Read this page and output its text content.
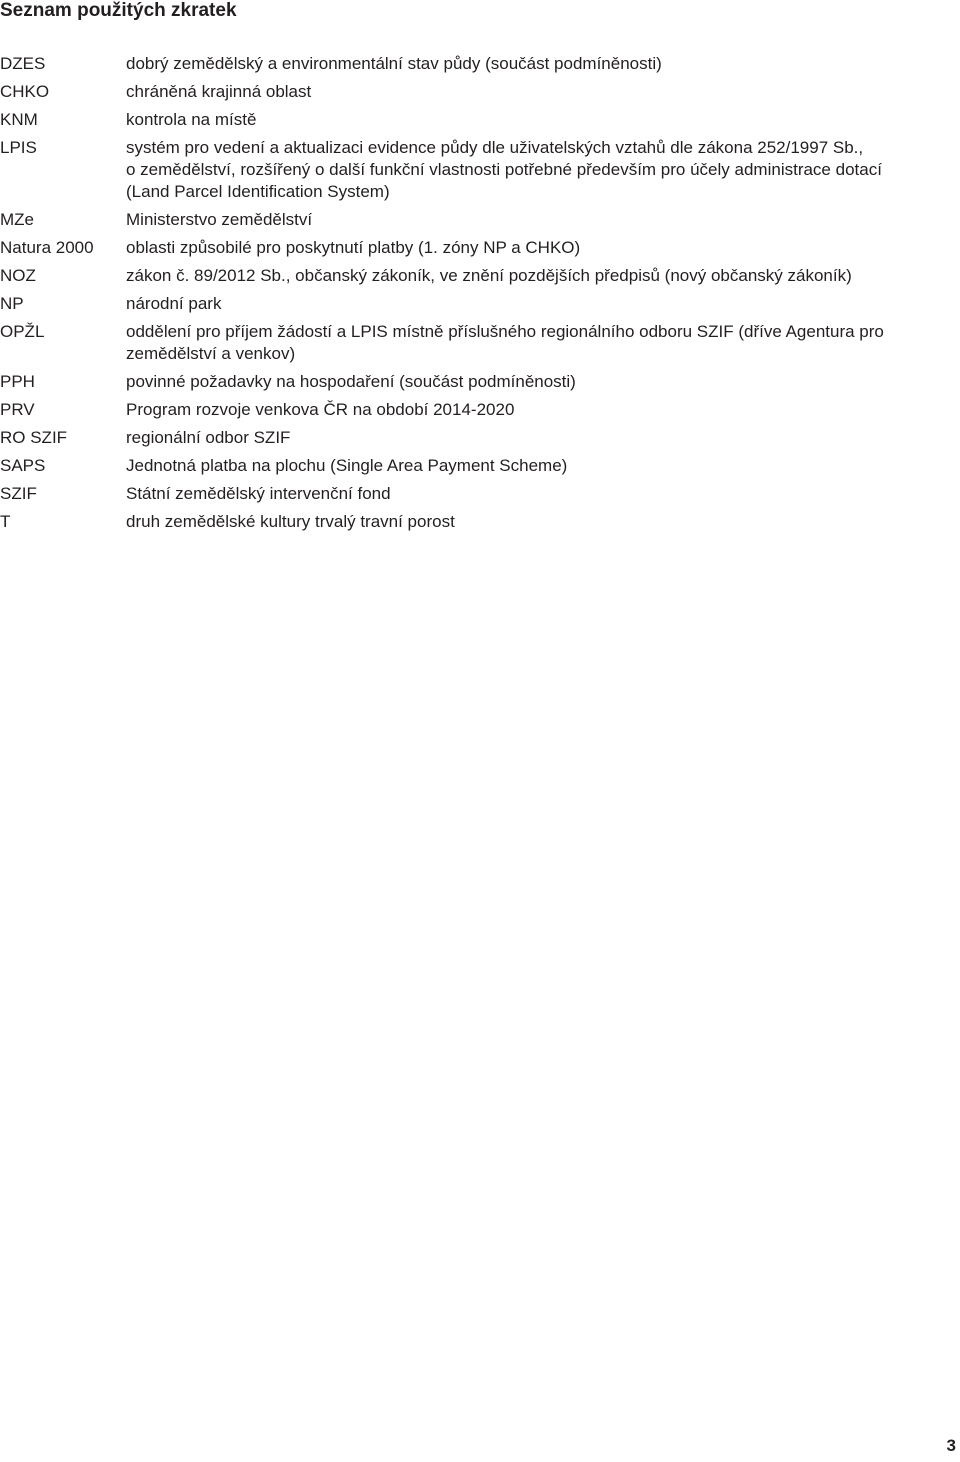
Seznam použitých zkratek
DZES	dobrý zemědělský a environmentální stav půdy (součást podmíněnosti)
CHKO	chráněná krajinná oblast
KNM	kontrola na místě
LPIS	systém pro vedení a aktualizaci evidence půdy dle uživatelských vztahů dle zákona 252/1997 Sb.,
o zemědělství, rozšířený o další funkční vlastnosti potřebné především pro účely administrace dotací
(Land Parcel Identification System)
MZe	Ministerstvo zemědělství
Natura 2000	oblasti způsobilé pro poskytnutí platby (1. zóny NP a CHKO)
NOZ	zákon č. 89/2012 Sb., občanský zákoník, ve znění pozdějších předpisů (nový občanský zákoník)
NP	národní park
OPŽL	oddělení pro příjem žádostí a LPIS místně příslušného regionálního odboru SZIF (dříve Agentura pro
zemědělství a venkov)
PPH	povinné požadavky na hospodaření (součást podmíněnosti)
PRV	Program rozvoje venkova ČR na období 2014-2020
RO SZIF	regionální odbor SZIF
SAPS	Jednotná platba na plochu (Single Area Payment Scheme)
SZIF	Státní zemědělský intervenční fond
T	druh zemědělské kultury trvalý travní porost
3
